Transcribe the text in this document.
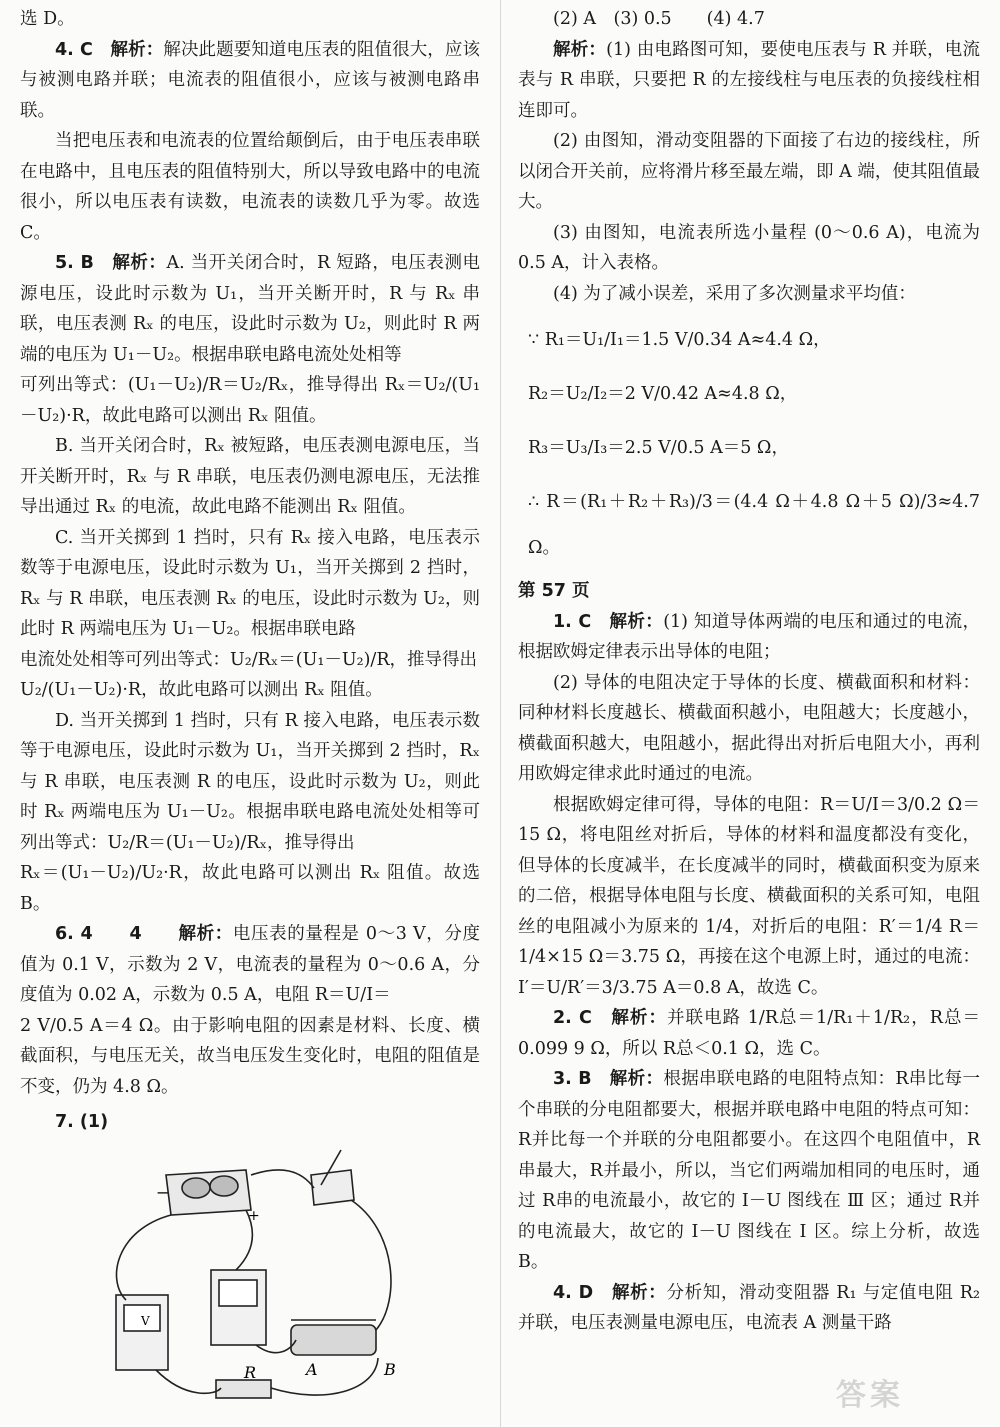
选 D。

4. C　解析：解决此题要知道电压表的阻值很大，应该与被测电路并联；电流表的阻值很小，应该与被测电路串联。

当把电压表和电流表的位置给颠倒后，由于电压表串联在电路中，且电压表的阻值特别大，所以导致电路中的电流很小，所以电压表有读数，电流表的读数几乎为零。故选 C。

5. B　解析：A. 当开关闭合时，R 短路，电压表测电源电压，设此时示数为 U₁，当开关断开时，R 与 Rₓ 串联，电压表测 Rₓ 的电压，设此时示数为 U₂，则此时 R 两端的电压为 U₁－U₂。根据串联电路电流处处相等

可列出等式：(U₁－U₂)/R＝U₂/Rₓ，推导得出 Rₓ＝U₂/(U₁－U₂)·R，故此电路可以测出 Rₓ 阻值。

B. 当开关闭合时，Rₓ 被短路，电压表测电源电压，当开关断开时，Rₓ 与 R 串联，电压表仍测电源电压，无法推导出通过 Rₓ 的电流，故此电路不能测出 Rₓ 阻值。

C. 当开关掷到 1 挡时，只有 Rₓ 接入电路，电压表示数等于电源电压，设此时示数为 U₁，当开关掷到 2 挡时，Rₓ 与 R 串联，电压表测 Rₓ 的电压，设此时示数为 U₂，则此时 R 两端电压为 U₁－U₂。根据串联电路

电流处处相等可列出等式：U₂/Rₓ＝(U₁－U₂)/R，推导得出

U₂/(U₁－U₂)·R，故此电路可以测出 Rₓ 阻值。

D. 当开关掷到 1 挡时，只有 R 接入电路，电压表示数等于电源电压，设此时示数为 U₁，当开关掷到 2 挡时，Rₓ 与 R 串联，电压表测 R 的电压，设此时示数为 U₂，则此时 Rₓ 两端电压为 U₁－U₂。根据串联电路电流处处相等可列出等式：U₂/R＝(U₁－U₂)/Rₓ，推导得出

Rₓ＝(U₁－U₂)/U₂·R，故此电路可以测出 Rₓ 阻值。故选 B。

6. 4　　4　　解析：电压表的量程是 0～3 V，分度值为 0.1 V，示数为 2 V，电流表的量程为 0～0.6 A，分度值为 0.02 A，示数为 0.5 A，电阻 R＝U/I＝

2 V/0.5 A＝4 Ω。由于影响电阻的因素是材料、长度、横截面积，与电压无关，故当电压发生变化时，电阻的阻值是不变，仍为 4.8 Ω。

7. (1)

V
−
+
R	A	B

(2) A　(3) 0.5　　(4) 4.7

解析：(1) 由电路图可知，要使电压表与 R 并联，电流表与 R 串联，只要把 R 的左接线柱与电压表的负接线柱相连即可。

(2) 由图知，滑动变阻器的下面接了右边的接线柱，所以闭合开关前，应将滑片移至最左端，即 A 端，使其阻值最大。

(3) 由图知，电流表所选小量程 (0～0.6 A)，电流为 0.5 A，计入表格。

(4) 为了减小误差，采用了多次测量求平均值：

∵ R₁＝U₁/I₁＝1.5 V/0.34 A≈4.4 Ω，

R₂＝U₂/I₂＝2 V/0.42 A≈4.8 Ω，

R₃＝U₃/I₃＝2.5 V/0.5 A＝5 Ω，

∴ R＝(R₁＋R₂＋R₃)/3＝(4.4 Ω＋4.8 Ω＋5 Ω)/3≈4.7 Ω。

第 57 页

1. C　解析：(1) 知道导体两端的电压和通过的电流，根据欧姆定律表示出导体的电阻；

(2) 导体的电阻决定于导体的长度、横截面积和材料：同种材料长度越长、横截面积越小，电阻越大；长度越小，横截面积越大，电阻越小，据此得出对折后电阻大小，再利用欧姆定律求此时通过的电流。

根据欧姆定律可得，导体的电阻：R＝U/I＝3/0.2 Ω＝15 Ω，将电阻丝对折后，导体的材料和温度都没有变化，但导体的长度减半，在长度减半的同时，横截面积变为原来的二倍，根据导体电阻与长度、横截面积的关系可知，电阻丝的电阻减小为原来的 1/4，对折后的电阻：R′＝1/4 R＝1/4×15 Ω＝3.75 Ω，再接在这个电源上时，通过的电流：I′＝U/R′＝3/3.75 A＝0.8 A，故选 C。

2. C　解析：并联电路 1/R总＝1/R₁＋1/R₂，R总＝0.099 9 Ω，所以 R总＜0.1 Ω，选 C。

3. B　解析：根据串联电路的电阻特点知：R串比每一个串联的分电阻都要大，根据并联电路中电阻的特点可知：R并比每一个并联的分电阻都要小。在这四个电阻值中，R串最大，R并最小，所以，当它们两端加相同的电压时，通过 R串的电流最小，故它的 I－U 图线在 Ⅲ 区；通过 R并的电流最大，故它的 I－U 图线在 Ⅰ 区。综上分析，故选 B。

4. D　解析：分析知，滑动变阻器 R₁ 与定值电阻 R₂ 并联，电压表测量电源电压，电流表 A 测量干路

答案
